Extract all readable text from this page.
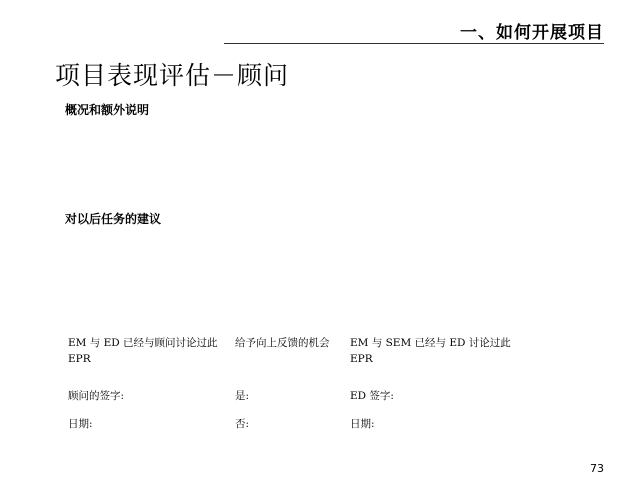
一、如何开展项目
项目表现评估－顾问
概况和额外说明
对以后任务的建议
EM 与 ED 已经与顾问讨论过此
EPR
顾问的签字:
日期:
给予向上反馈的机会
是:
否:
EM 与 SEM 已经与 ED 讨论过此
EPR
ED 签字:
日期:
73
